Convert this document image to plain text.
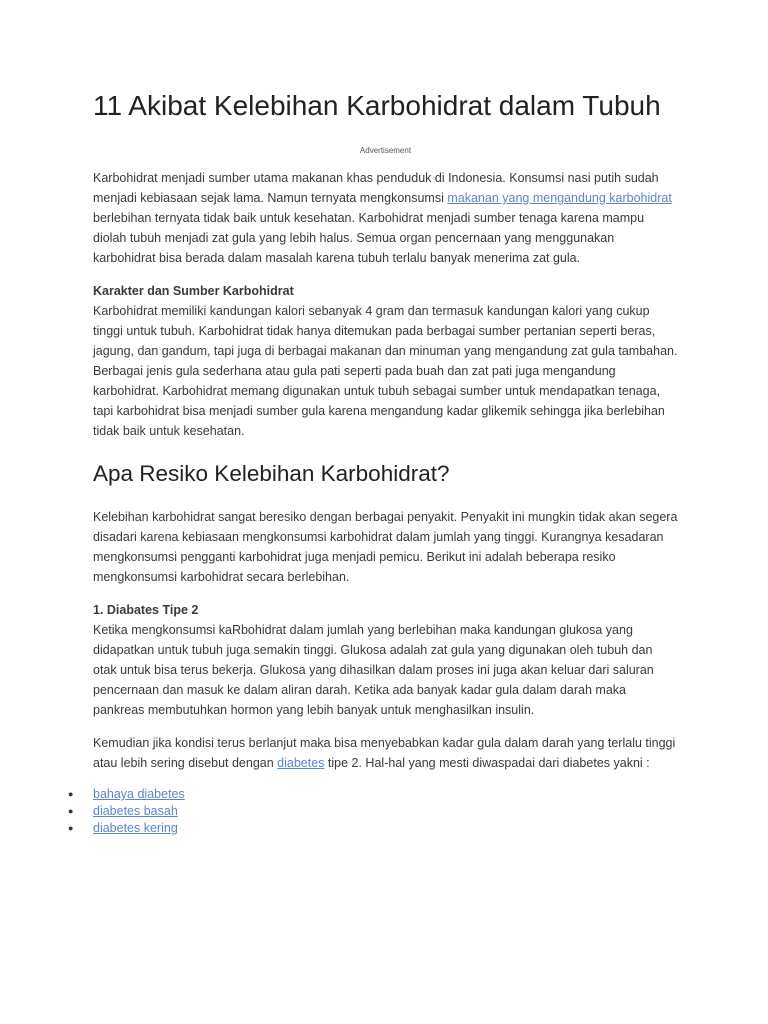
11 Akibat Kelebihan Karbohidrat dalam Tubuh
Advertisement

Karbohidrat menjadi sumber utama makanan khas penduduk di Indonesia. Konsumsi nasi putih sudah menjadi kebiasaan sejak lama. Namun ternyata mengkonsumsi makanan yang mengandung karbohidrat berlebihan ternyata tidak baik untuk kesehatan. Karbohidrat menjadi sumber tenaga karena mampu diolah tubuh menjadi zat gula yang lebih halus. Semua organ pencernaan yang menggunakan karbohidrat bisa berada dalam masalah karena tubuh terlalu banyak menerima zat gula.

Karakter dan Sumber Karbohidrat
Karbohidrat memiliki kandungan kalori sebanyak 4 gram dan termasuk kandungan kalori yang cukup tinggi untuk tubuh. Karbohidrat tidak hanya ditemukan pada berbagai sumber pertanian seperti beras, jagung, dan gandum, tapi juga di berbagai makanan dan minuman yang mengandung zat gula tambahan. Berbagai jenis gula sederhana atau gula pati seperti pada buah dan zat pati juga mengandung karbohidrat. Karbohidrat memang digunakan untuk tubuh sebagai sumber untuk mendapatkan tenaga, tapi karbohidrat bisa menjadi sumber gula karena mengandung kadar glikemik sehingga jika berlebihan tidak baik untuk kesehatan.

Apa Resiko Kelebihan Karbohidrat?

Kelebihan karbohidrat sangat beresiko dengan berbagai penyakit. Penyakit ini mungkin tidak akan segera disadari karena kebiasaan mengkonsumsi karbohidrat dalam jumlah yang tinggi. Kurangnya kesadaran mengkonsumsi pengganti karbohidrat juga menjadi pemicu. Berikut ini adalah beberapa resiko mengkonsumsi karbohidrat secara berlebihan.

1. Diabates Tipe 2
Ketika mengkonsumsi kaRbohidrat dalam jumlah yang berlebihan maka kandungan glukosa yang didapatkan untuk tubuh juga semakin tinggi. Glukosa adalah zat gula yang digunakan oleh tubuh dan otak untuk bisa terus bekerja. Glukosa yang dihasilkan dalam proses ini juga akan keluar dari saluran pencernaan dan masuk ke dalam aliran darah. Ketika ada banyak kadar gula dalam darah maka pankreas membutuhkan hormon yang lebih banyak untuk menghasilkan insulin.

Kemudian jika kondisi terus berlanjut maka bisa menyebabkan kadar gula dalam darah yang terlalu tinggi atau lebih sering disebut dengan diabetes tipe 2. Hal-hal yang mesti diwaspadai dari diabetes yakni :

● bahaya diabetes
● diabetes basah
● diabetes kering
